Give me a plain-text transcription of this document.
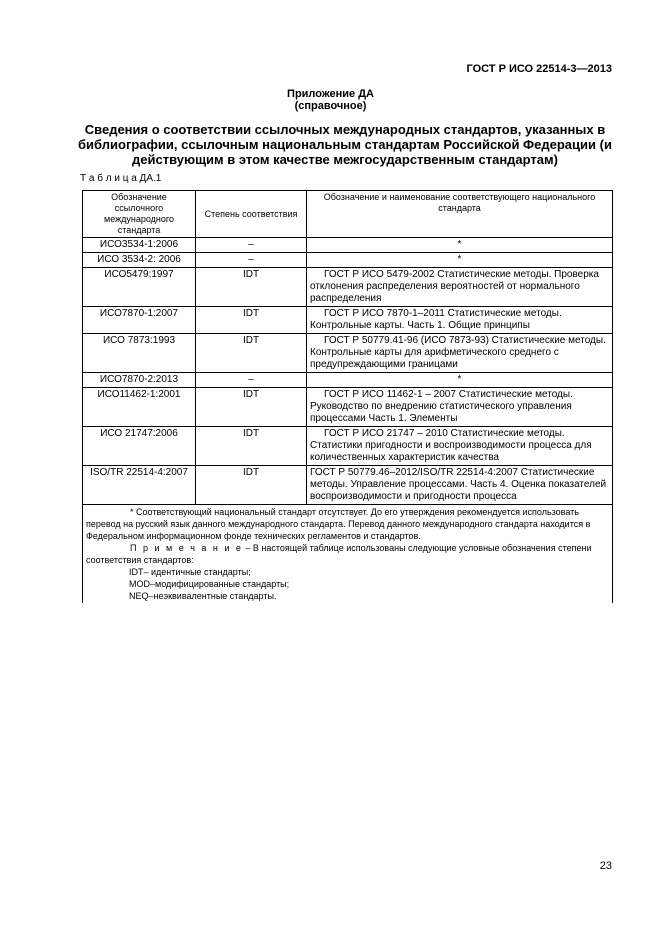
ГОСТ Р ИСО 22514-3—2013
Приложение ДА
(справочное)
Сведения о соответствии ссылочных международных стандартов, указанных в библиографии, ссылочным национальным стандартам Российской Федерации (и действующим в этом качестве межгосударственным стандартам)
Т а б л и ц а ДА.1
Обозначение ссылочного международного стандарта	Степень соответствия	Обозначение и наименование соответствующего национального стандарта
ИСО3534-1:2006	–	*
ИСО 3534-2: 2006	–	*
ИСО5479:1997	IDT	ГОСТ Р ИСО 5479-2002 Статистические методы. Проверка отклонения распределения вероятностей от нормального распределения
ИСО7870-1:2007	IDT	ГОСТ Р ИСО 7870-1–2011 Статистические методы. Контрольные карты. Часть 1. Общие принципы
ИСО 7873:1993	IDT	ГОСТ Р 50779.41-96 (ИСО 7873-93) Статистические методы. Контрольные карты для арифметического среднего с предупреждающими границами
ИСО7870-2:2013	–	*
ИСО11462-1:2001	IDT	ГОСТ Р ИСО 11462-1 – 2007 Статистические методы. Руководство по внедрению статистического управления процессами Часть 1. Элементы
ИСО 21747:2006	IDT	ГОСТ Р ИСО 21747 – 2010 Статистические методы. Статистики пригодности и воспроизводимости процесса для количественных характеристик качества
ISO/TR 22514-4:2007	IDT	ГОСТ Р 50779.46–2012/ISO/TR 22514-4:2007 Статистические методы. Управление процессами. Часть 4. Оценка показателей воспроизводимости и пригодности процесса

* Соответствующий национальный стандарт отсутствует. До его утверждения рекомендуется использовать перевод на русский язык данного международного стандарта. Перевод данного международного стандарта находится в Федеральном информационном фонде технических регламентов и стандартов.
П р и м е ч а н и е – В настоящей таблице использованы следующие условные обозначения степени соответствия стандартов:
IDT– идентичные стандарты;
MOD–модифицированные стандарты;
NEQ–неэквивалентные стандарты.		
23
